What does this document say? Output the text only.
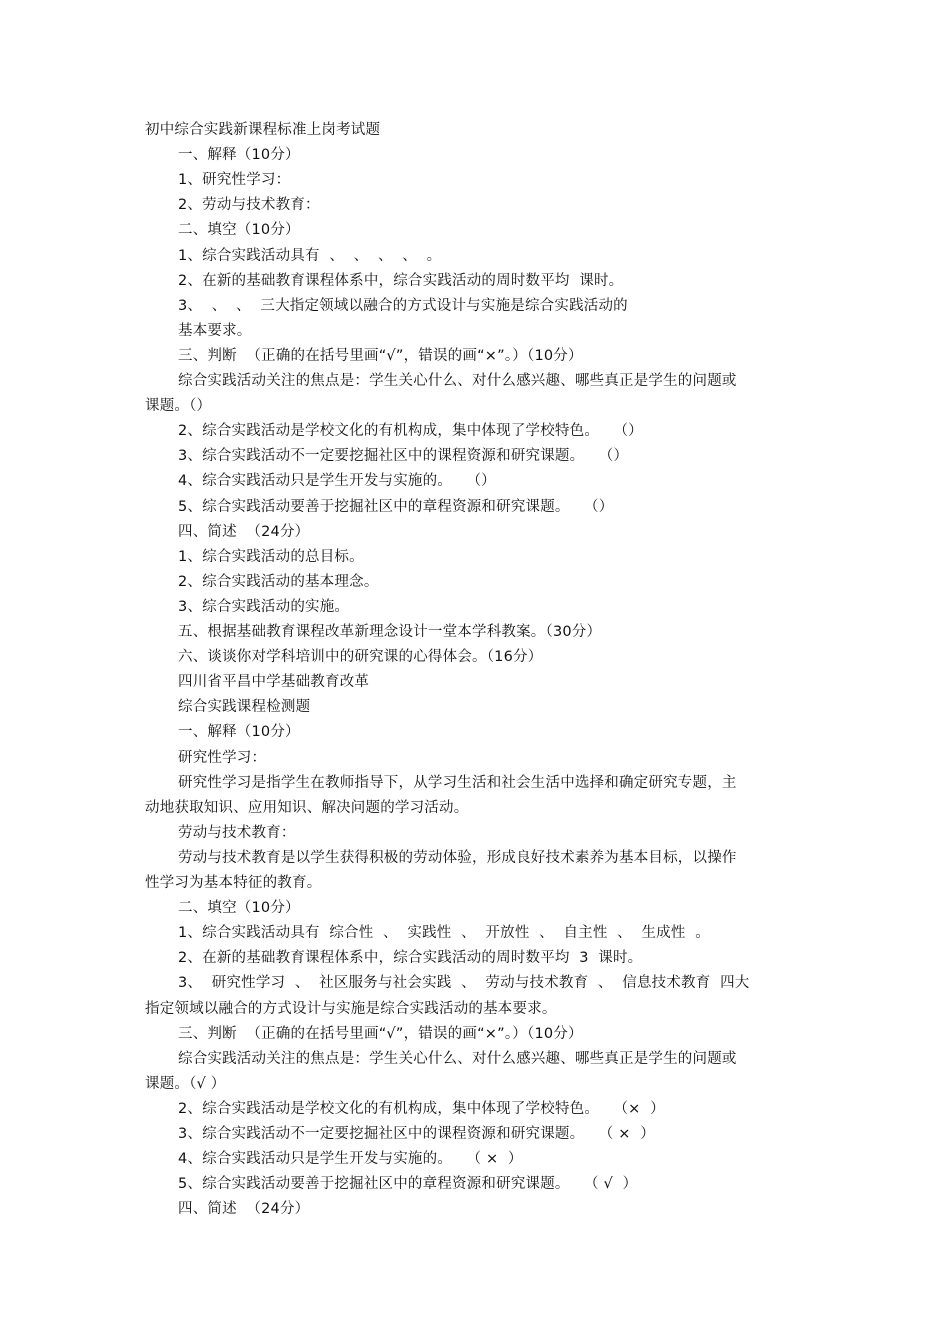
初中综合实践新课程标准上岗考试题
一、解释（10分）
1、研究性学习：
2、劳动与技术教育：
二、填空（10分）
1、综合实践活动具有  、  、  、  、  。
2、在新的基础教育课程体系中，综合实践活动的周时数平均  课时。
3、  、  、  三大指定领域以融合的方式设计与实施是综合实践活动的
基本要求。
三、判断  （正确的在括号里画“√”，错误的画“×”。）（10分）
综合实践活动关注的焦点是：学生关心什么、对什么感兴趣、哪些真正是学生的问题或
课题。（）
2、综合实践活动是学校文化的有机构成，集中体现了学校特色。   （）
3、综合实践活动不一定要挖掘社区中的课程资源和研究课题。   （）
4、综合实践活动只是学生开发与实施的。   （）
5、综合实践活动要善于挖掘社区中的章程资源和研究课题。   （）
四、简述  （24分）
1、综合实践活动的总目标。
2、综合实践活动的基本理念。
3、综合实践活动的实施。
五、根据基础教育课程改革新理念设计一堂本学科教案。（30分）
六、谈谈你对学科培训中的研究课的心得体会。（16分）
四川省平昌中学基础教育改革
综合实践课程检测题
一、解释（10分）
研究性学习：
研究性学习是指学生在教师指导下，从学习生活和社会生活中选择和确定研究专题，主
动地获取知识、应用知识、解决问题的学习活动。
劳动与技术教育：
劳动与技术教育是以学生获得积极的劳动体验，形成良好技术素养为基本目标，以操作
性学习为基本特征的教育。
二、填空（10分）
1、综合实践活动具有  综合性  、  实践性  、  开放性  、  自主性  、  生成性  。
2、在新的基础教育课程体系中，综合实践活动的周时数平均  3  课时。
3、  研究性学习  、  社区服务与社会实践  、  劳动与技术教育  、  信息技术教育  四大
指定领域以融合的方式设计与实施是综合实践活动的基本要求。
三、判断  （正确的在括号里画“√”，错误的画“×”。）（10分）
综合实践活动关注的焦点是：学生关心什么、对什么感兴趣、哪些真正是学生的问题或
课题。（√ ）
2、综合实践活动是学校文化的有机构成，集中体现了学校特色。   （×  ）
3、综合实践活动不一定要挖掘社区中的课程资源和研究课题。   （ ×  ）
4、综合实践活动只是学生开发与实施的。   （ ×  ）
5、综合实践活动要善于挖掘社区中的章程资源和研究课题。   （ √  ）
四、简述  （24分）
